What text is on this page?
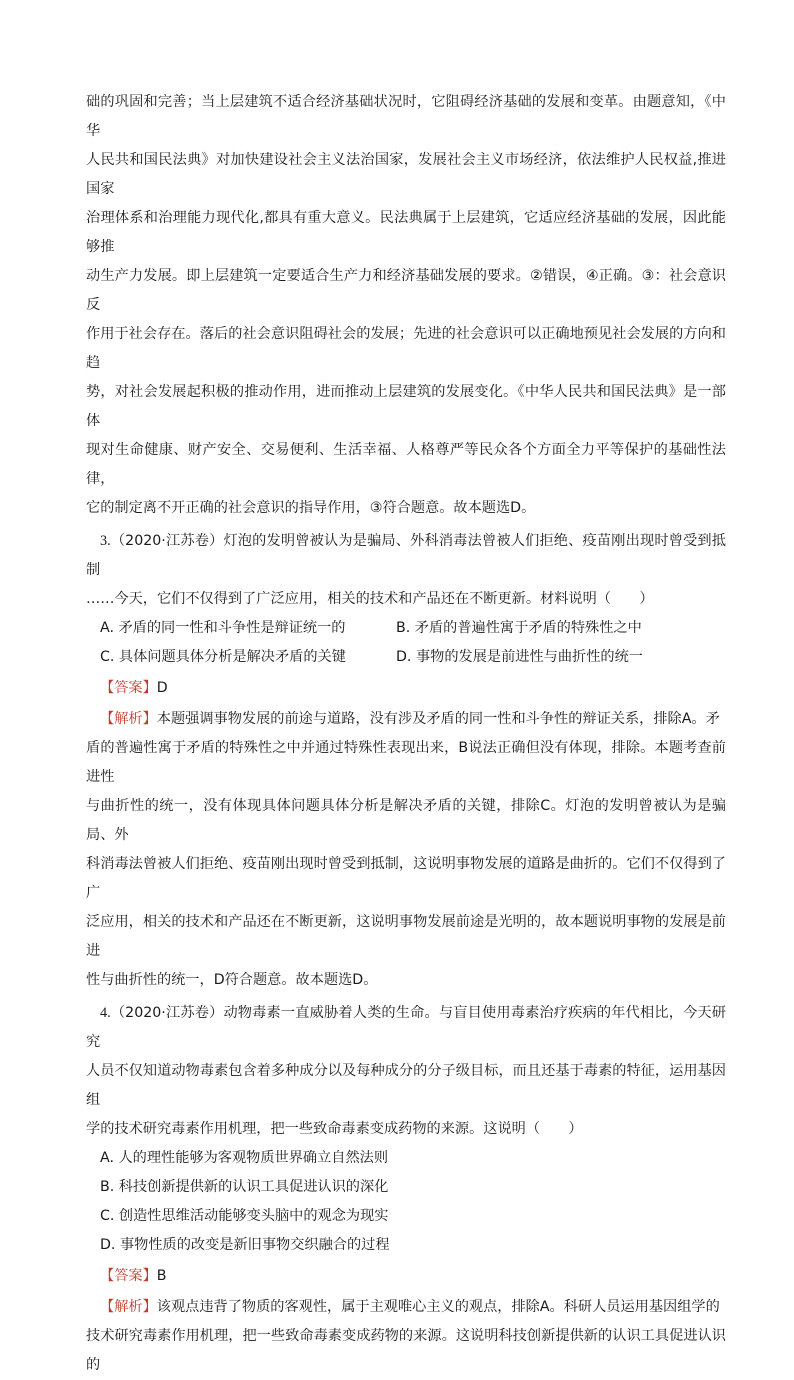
础的巩固和完善；当上层建筑不适合经济基础状况时，它阻碍经济基础的发展和变革。由题意知，《中华

人民共和国民法典》对加快建设社会主义法治国家，发展社会主义市场经济，依法维护人民权益,推进国家

治理体系和治理能力现代化,都具有重大意义。民法典属于上层建筑，它适应经济基础的发展，因此能够推

动生产力发展。即上层建筑一定要适合生产力和经济基础发展的要求。②错误，④正确。③：社会意识反

作用于社会存在。落后的社会意识阻碍社会的发展；先进的社会意识可以正确地预见社会发展的方向和趋

势，对社会发展起积极的推动作用，进而推动上层建筑的发展变化。《中华人民共和国民法典》是一部体

现对生命健康、财产安全、交易便利、生活幸福、人格尊严等民众各个方面全力平等保护的基础性法律，

它的制定离不开正确的社会意识的指导作用，③符合题意。故本题选D。

3.（2020·江苏卷）灯泡的发明曾被认为是骗局、外科消毒法曾被人们拒绝、疫苗刚出现时曾受到抵制

……今天，它们不仅得到了广泛应用，相关的技术和产品还在不断更新。材料说明（　　）

A. 矛盾的同一性和斗争性是辩证统一的	B. 矛盾的普遍性寓于矛盾的特殊性之中

C. 具体问题具体分析是解决矛盾的关键	D. 事物的发展是前进性与曲折性的统一

【答案】D

【解析】本题强调事物发展的前途与道路，没有涉及矛盾的同一性和斗争性的辩证关系，排除A。矛

盾的普遍性寓于矛盾的特殊性之中并通过特殊性表现出来，B说法正确但没有体现，排除。本题考查前进性

与曲折性的统一，没有体现具体问题具体分析是解决矛盾的关键，排除C。灯泡的发明曾被认为是骗局、外

科消毒法曾被人们拒绝、疫苗刚出现时曾受到抵制，这说明事物发展的道路是曲折的。它们不仅得到了广

泛应用，相关的技术和产品还在不断更新，这说明事物发展前途是光明的，故本题说明事物的发展是前进

性与曲折性的统一，D符合题意。故本题选D。

4.（2020·江苏卷）动物毒素一直威胁着人类的生命。与盲目使用毒素治疗疾病的年代相比，今天研究

人员不仅知道动物毒素包含着多种成分以及每种成分的分子级目标，而且还基于毒素的特征，运用基因组

学的技术研究毒素作用机理，把一些致命毒素变成药物的来源。这说明（　　）

A. 人的理性能够为客观物质世界确立自然法则

B. 科技创新提供新的认识工具促进认识的深化

C. 创造性思维活动能够变头脑中的观念为现实

D. 事物性质的改变是新旧事物交织融合的过程

【答案】B

【解析】该观点违背了物质的客观性，属于主观唯心主义的观点，排除A。科研人员运用基因组学的

技术研究毒素作用机理，把一些致命毒素变成药物的来源。这说明科技创新提供新的认识工具促进认识的
